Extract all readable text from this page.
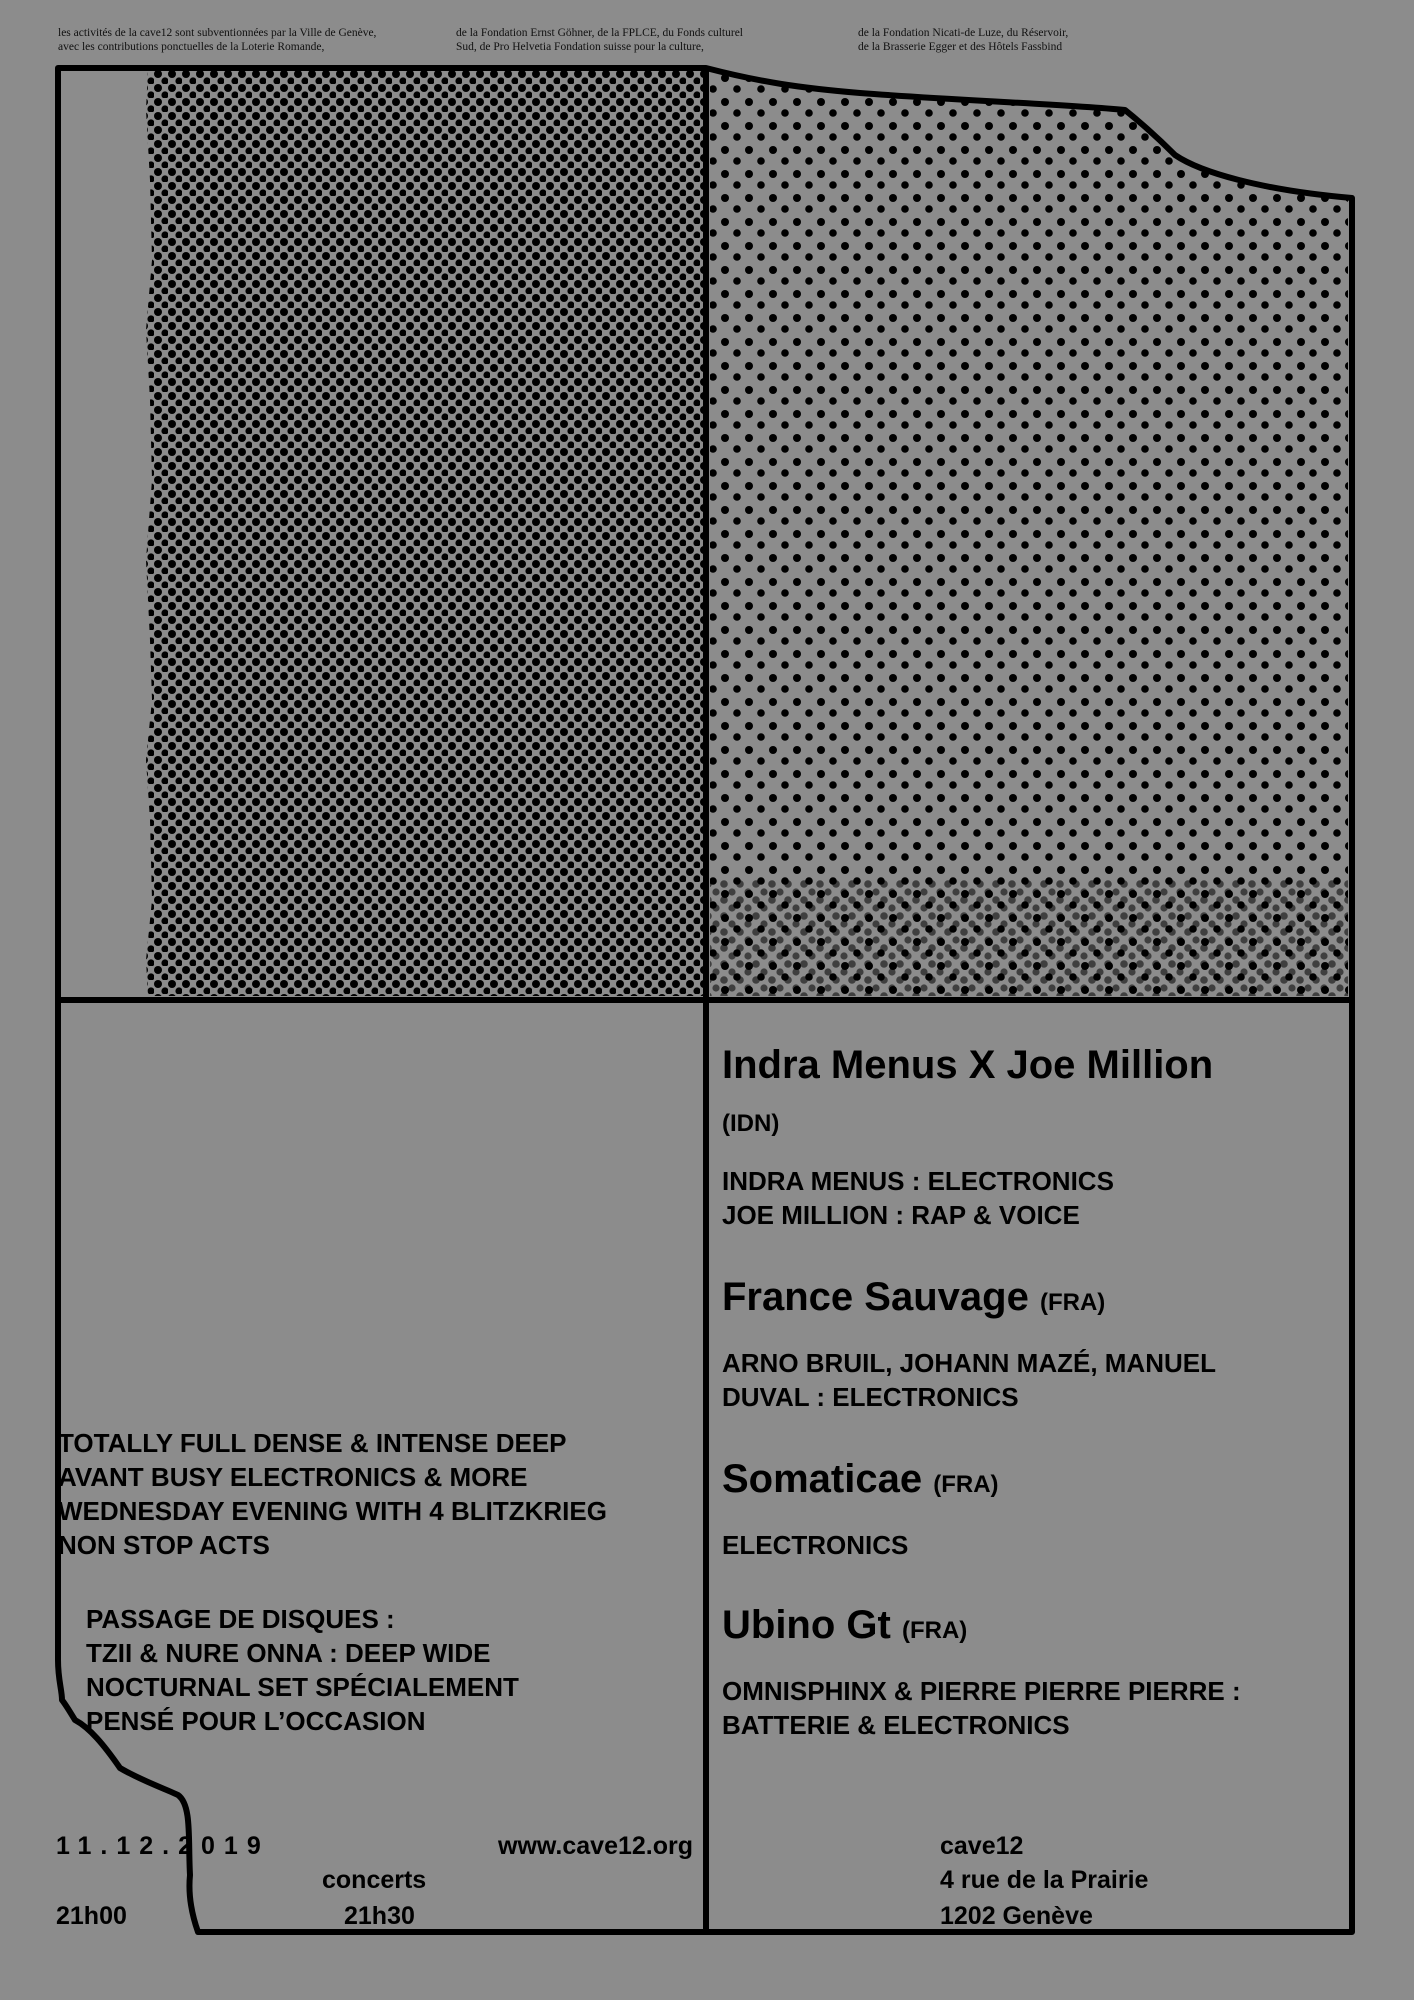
les activités de la cave12 sont subventionnées par la Ville de Genève,
avec les contributions ponctuelles de la Loterie Romande,
de la Fondation Ernst Göhner, de la FPLCE, du Fonds culturel
Sud, de Pro Helvetia Fondation suisse pour la culture,
de la Fondation Nicati-de Luze, du Réservoir,
de la Brasserie Egger et des Hôtels Fassbind
TOTALLY FULL DENSE & INTENSE DEEP
AVANT BUSY ELECTRONICS & MORE
WEDNESDAY EVENING WITH 4 BLITZKRIEG
NON STOP ACTS
PASSAGE DE DISQUES :
TZII & NURE ONNA : DEEP WIDE
NOCTURNAL SET SPÉCIALEMENT
PENSÉ POUR L’OCCASION
Indra Menus X Joe Million
(IDN)
INDRA MENUS : ELECTRONICS
JOE MILLION : RAP & VOICE
France Sauvage (FRA)
ARNO BRUIL, JOHANN MAZÉ, MANUEL
DUVAL : ELECTRONICS
Somaticae (FRA)
ELECTRONICS
Ubino Gt (FRA)
OMNISPHINX & PIERRE PIERRE PIERRE :
BATTERIE & ELECTRONICS
11.12.2019
21h00
concerts
21h30
www.cave12.org	cave12
4 rue de la Prairie
1202 Genève
